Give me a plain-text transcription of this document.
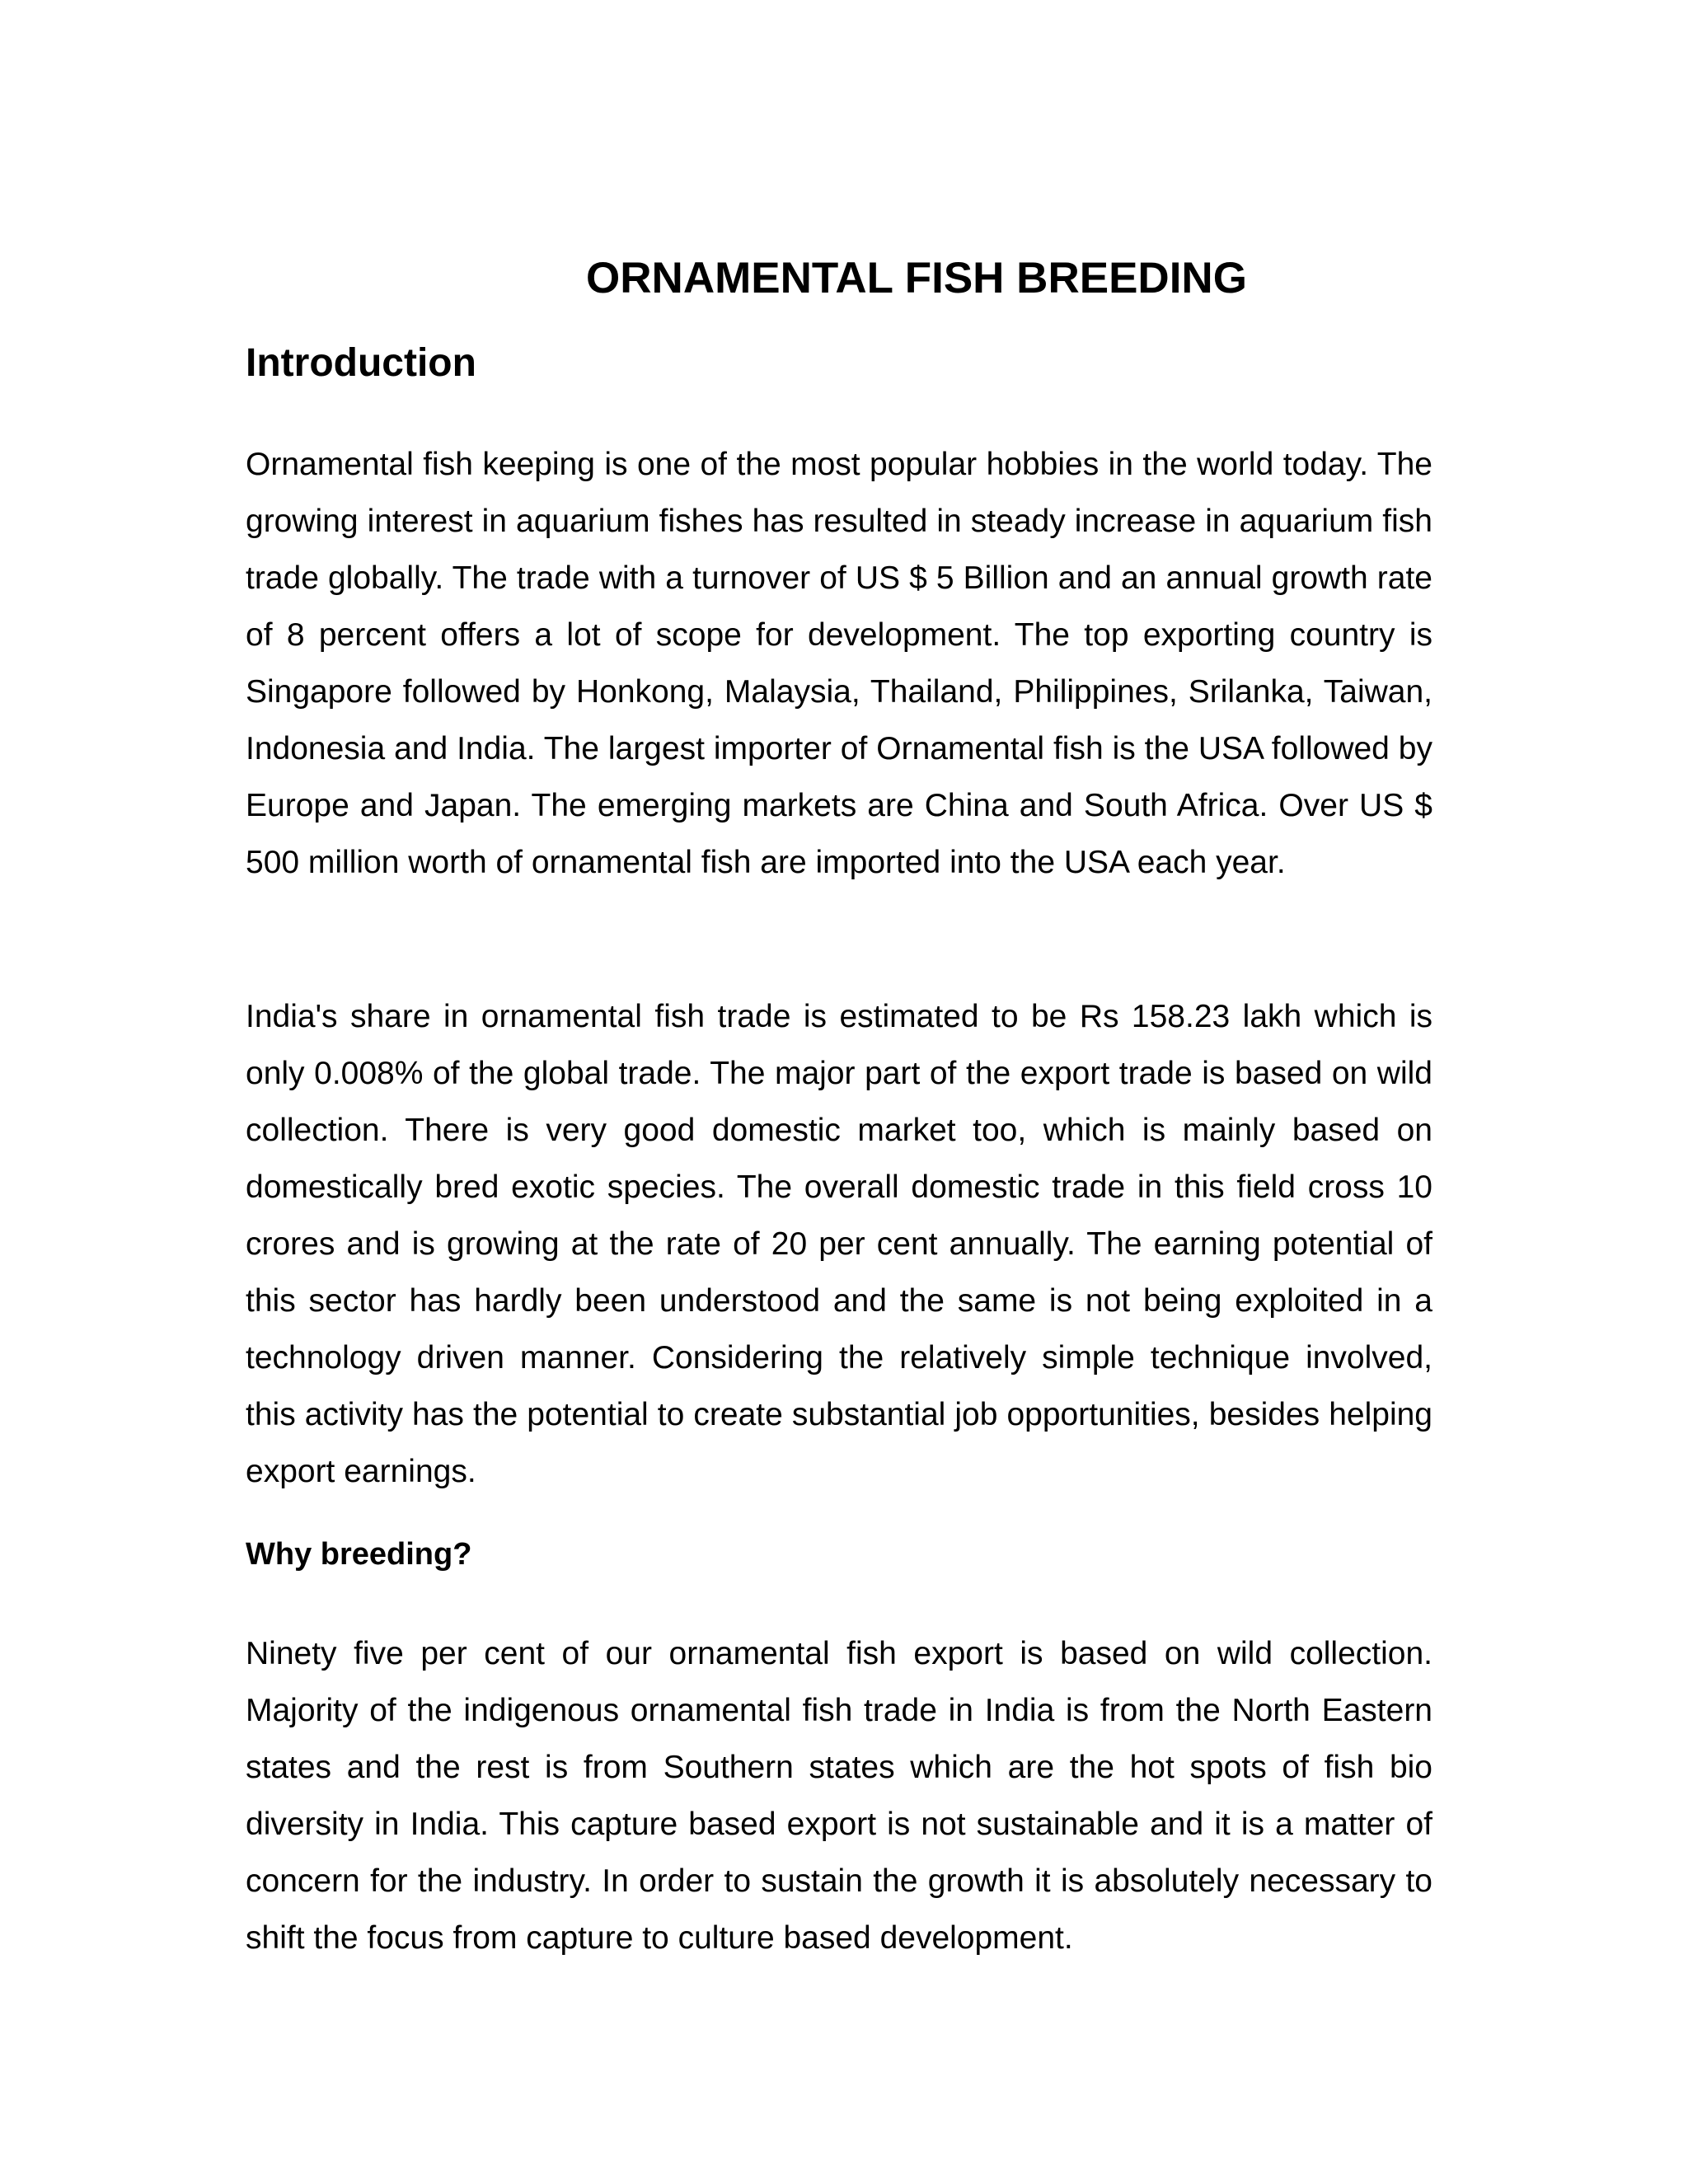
ORNAMENTAL FISH BREEDING
Introduction

Ornamental fish keeping is one of the most popular hobbies in the world today. The growing interest in aquarium fishes has resulted in steady increase in aquarium fish trade globally. The trade with a turnover of US $ 5 Billion and an annual growth rate of 8 percent offers a lot of scope for development. The top exporting country is Singapore followed by Honkong, Malaysia, Thailand, Philippines, Srilanka, Taiwan, Indonesia and India. The largest importer of Ornamental fish is the USA followed by Europe and Japan. The emerging markets are China and South Africa. Over US $ 500 million worth of ornamental fish are imported into the USA each year.

India's share in ornamental fish trade is estimated to be Rs 158.23 lakh which is only 0.008% of the global trade. The major part of the export trade is based on wild collection. There is very good domestic market too, which is mainly based on domestically bred exotic species. The overall domestic trade in this field cross 10 crores and is growing at the rate of 20 per cent annually. The earning potential of this sector has hardly been understood and the same is not being exploited in a technology driven manner. Considering the relatively simple technique involved, this activity has the potential to create substantial job opportunities, besides helping export earnings.

Why breeding?

Ninety five per cent of our ornamental fish export is based on wild collection. Majority of the indigenous ornamental fish trade in India is from the North Eastern states and the rest is from Southern states which are the hot spots of fish bio diversity in India. This capture based export is not sustainable and it is a matter of concern for the industry. In order to sustain the growth it is absolutely necessary to shift the focus from capture to culture based development.
